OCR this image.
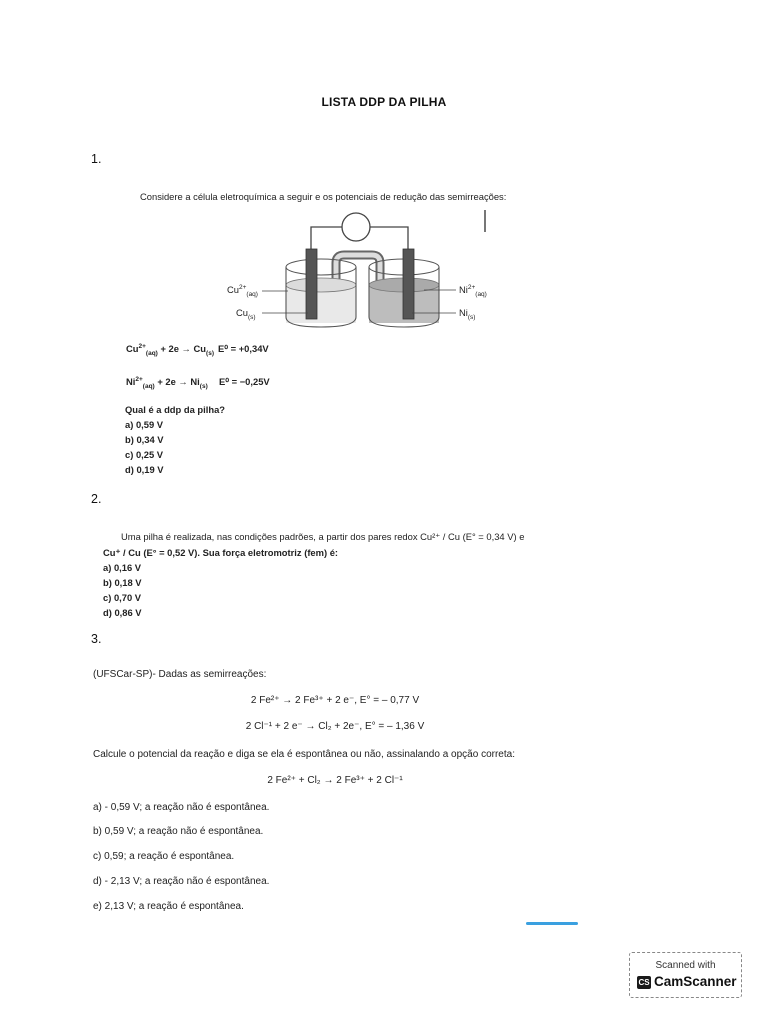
LISTA DDP DA PILHA
1.
Considere a célula eletroquímica a seguir e os potenciais de redução das semirreações:
$Cu^{2+}_{(aq)}$
$Cu_{(s)}$
$Ni^{2+}_{(aq)}$
$Ni_{(s)}$
$Cu^{2+}_{(aq)} + 2e \to Cu_{(s)}$ E⁰ = +0,34V
$Ni^{2+}_{(aq)} + 2e \to Ni_{(s)}$ E⁰ = −0,25V
Qual é a ddp da pilha?
a) 0,59 V
b) 0,34 V
c) 0,25 V
d) 0,19 V
2.
Uma pilha é realizada, nas condições padrões, a partir dos pares redox Cu²⁺ / Cu (E° = 0,34 V) e
Cu⁺ / Cu (E° = 0,52 V). Sua força eletromotriz (fem) é:
a) 0,16 V
b) 0,18 V
c) 0,70 V
d) 0,86 V
3.
(UFSCar-SP)- Dadas as semirreações:
2 Fe²⁺ → 2 Fe³⁺ + 2 e⁻, E° = – 0,77 V
2 Cl⁻¹ + 2 e⁻ → Cl₂ + 2e⁻, E° = – 1,36 V
Calcule o potencial da reação e diga se ela é espontânea ou não, assinalando a opção correta:
2 Fe²⁺ + Cl₂ → 2 Fe³⁺ + 2 Cl⁻¹
a) - 0,59 V; a reação não é espontânea.
b) 0,59 V; a reação não é espontânea.
c) 0,59; a reação é espontânea.
d) - 2,13 V; a reação não é espontânea.
e) 2,13 V; a reação é espontânea.
Scanned with
CS CamScanner
